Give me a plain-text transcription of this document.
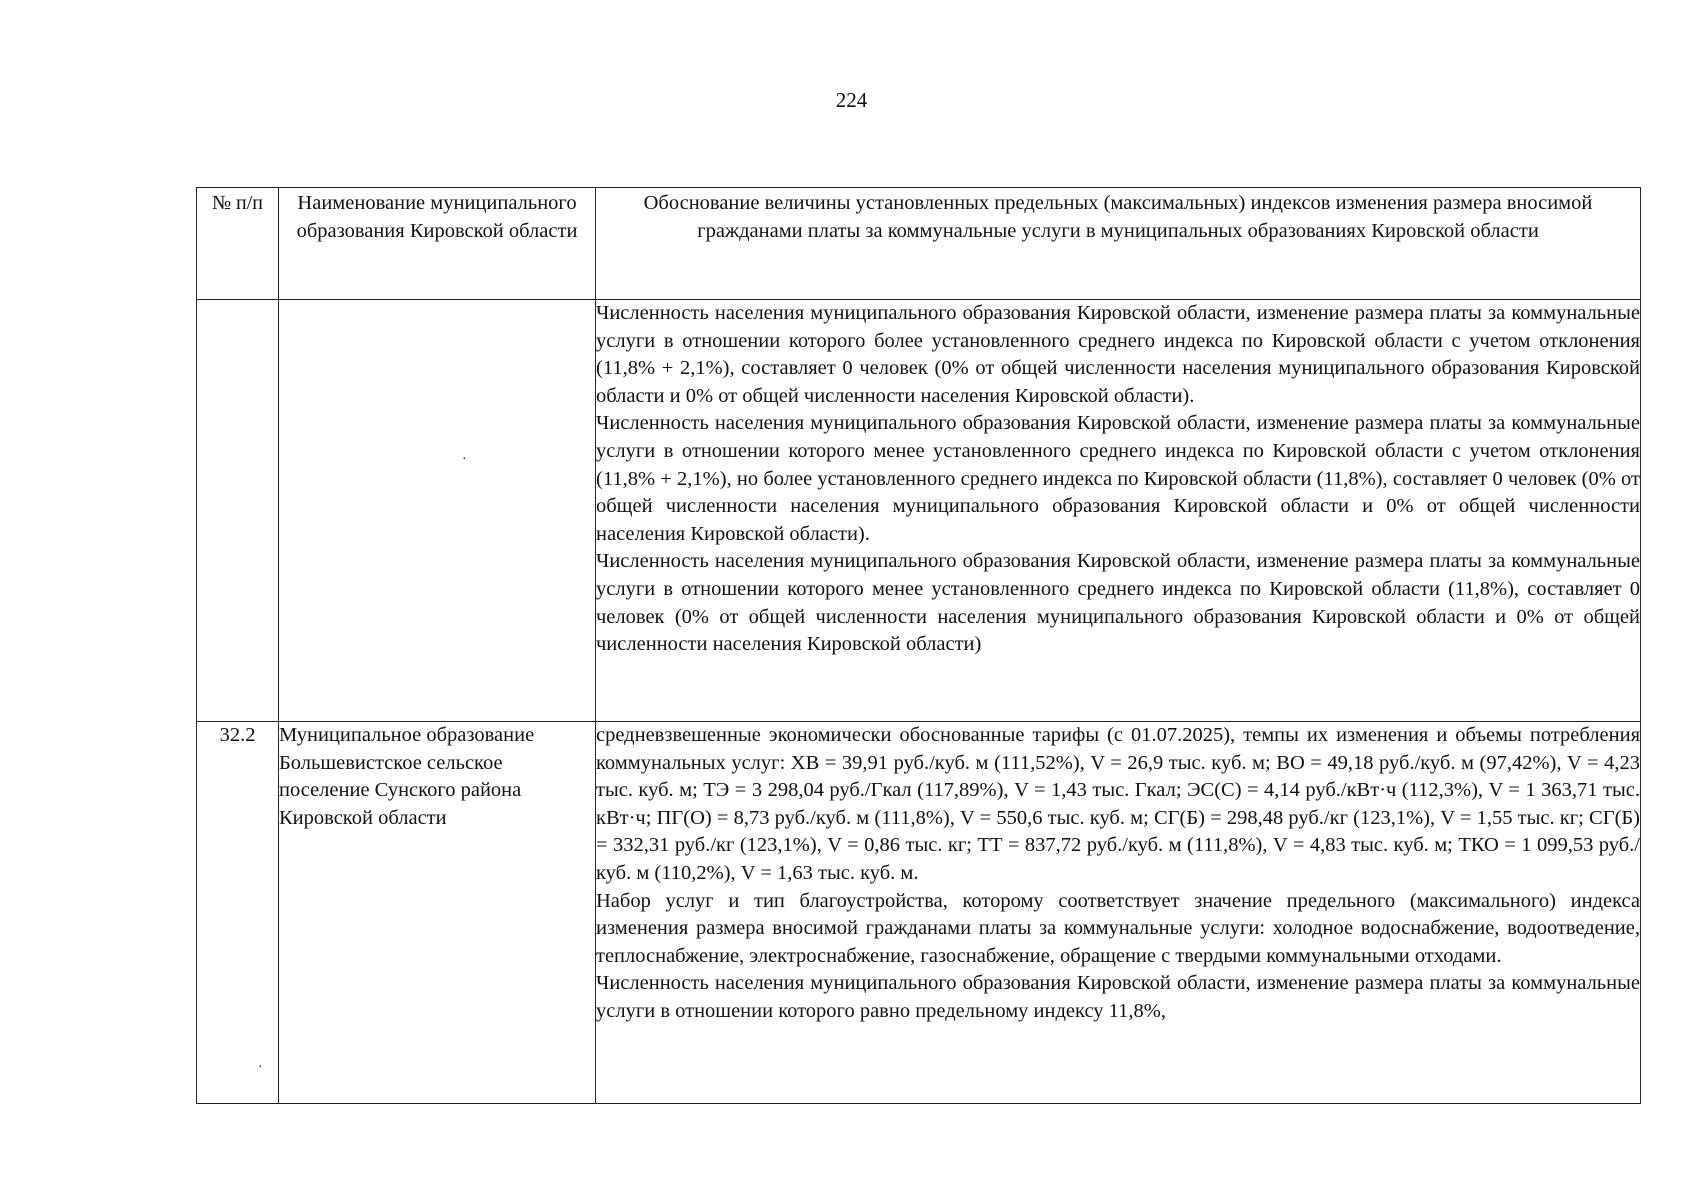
224
№ п/п	Наименование муниципального образования Кировской области	Обоснование величины установленных предельных (максимальных) индексов изменения размера вносимой гражданами платы за коммунальные услуги в муниципальных образованиях Кировской области

		Численность населения муниципального образования Кировской области, изменение размера платы за коммунальные услуги в отношении которого более установленного среднего индекса по Кировской области с учетом отклонения (11,8% + 2,1%), составляет 0 человек (0% от общей численности населения муниципального образования Кировской области и 0% от общей численности населения Кировской области).

Численность населения муниципального образования Кировской области, изменение размера платы за коммунальные услуги в отношении которого менее установленного среднего индекса по Кировской области с учетом отклонения (11,8% + 2,1%), но более установленного среднего индекса по Кировской области (11,8%), составляет 0 человек (0% от общей численности населения муниципального образования Кировской области и 0% от общей численности населения Кировской области).

Численность населения муниципального образования Кировской области, изменение размера платы за коммунальные услуги в отношении которого менее установленного среднего индекса по Кировской области (11,8%), составляет 0 человек (0% от общей численности населения муниципального образования Кировской области и 0% от общей численности населения Кировской области)

32.2	Муниципальное образование Большевистское сельское поселение Сунского района Кировской области	средневзвешенные экономически обоснованные тарифы (с 01.07.2025), темпы их изменения и объемы потребления коммунальных услуг: ХВ = 39,91 руб./куб. м (111,52%), V = 26,9 тыс. куб. м; ВО = 49,18 руб./куб. м (97,42%), V = 4,23 тыс. куб. м; ТЭ = 3 298,04 руб./Гкал (117,89%), V = 1,43 тыс. Гкал; ЭС(С) = 4,14 руб./кВт·ч (112,3%), V = 1 363,71 тыс. кВт·ч; ПГ(О) = 8,73 руб./куб. м (111,8%), V = 550,6 тыс. куб. м; СГ(Б) = 298,48 руб./кг (123,1%), V = 1,55 тыс. кг; СГ(Б) = 332,31 руб./кг (123,1%), V = 0,86 тыс. кг; ТТ = 837,72 руб./куб. м (111,8%), V = 4,83 тыс. куб. м; ТКО = 1 099,53 руб./куб. м (110,2%), V = 1,63 тыс. куб. м.

Набор услуг и тип благоустройства, которому соответствует значение предельного (максимального) индекса изменения размера вносимой гражданами платы за коммунальные услуги: холодное водоснабжение, водоотведение, теплоснабжение, электроснабжение, газоснабжение, обращение с твердыми коммунальными отходами.

Численность населения муниципального образования Кировской области, изменение размера платы за коммунальные услуги в отношении которого равно предельному индексу 11,8%,

·
·
